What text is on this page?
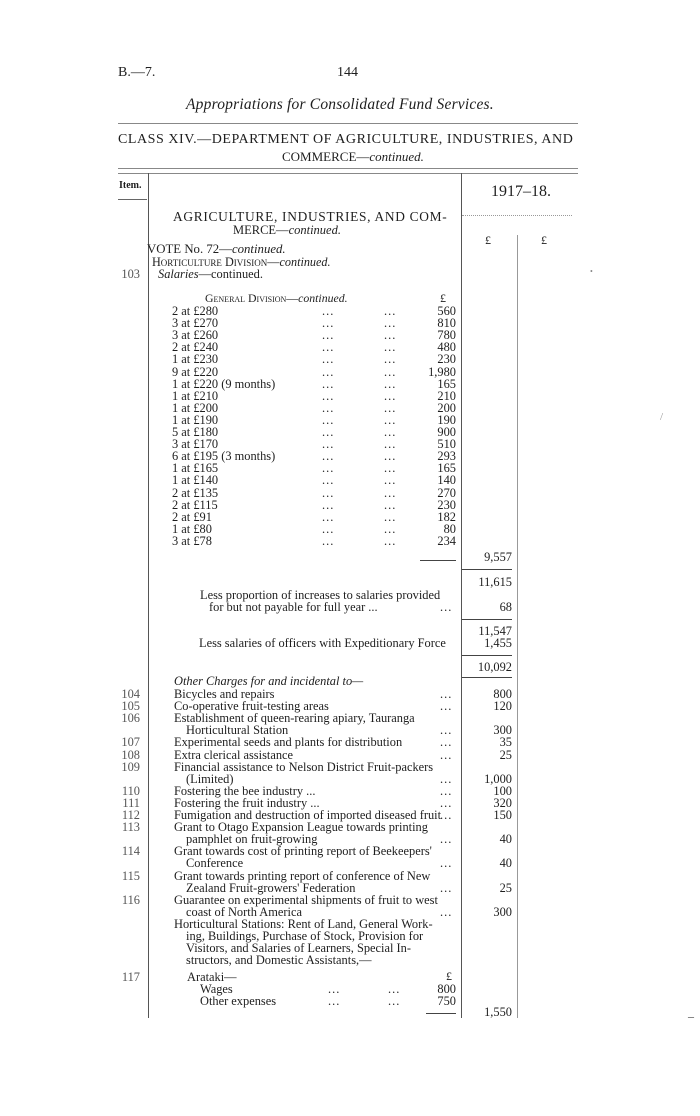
B.—7.	144
Appropriations for Consolidated Fund Services.
CLASS XIV.—DEPARTMENT OF AGRICULTURE, INDUSTRIES, AND
COMMERCE—continued.
Item.	1917–18.
£	£
AGRICULTURE, INDUSTRIES, AND COM-
MERCE—continued.
VOTE No. 72—continued.
Horticulture Division—continued.
103 Salaries—continued.
General Division—continued.	£
2 at £280	...	...	560
3 at £270	...	...	810
3 at £260	...	...	780
2 at £240	...	...	480
1 at £230	...	...	230
9 at £220	...	...	1,980
1 at £220 (9 months)	...	...	165
1 at £210	...	...	210
1 at £200	...	...	200
1 at £190	...	...	190
5 at £180	...	...	900
3 at £170	...	...	510
6 at £195 (3 months)	...	...	293
1 at £165	...	...	165
1 at £140	...	...	140
2 at £135	...	...	270
2 at £115	...	...	230
2 at £91	...	...	182
1 at £80	...	...	80
3 at £78	...	...	234
9,557
11,615
Less proportion of increases to salaries provided
for but not payable for full year ...	...	68
11,547
Less salaries of officers with Expeditionary Force	1,455
10,092
Other Charges for and incidental to—
104	Bicycles and repairs	...	800
105	Co-operative fruit-testing areas	...	120
106	Establishment of queen-rearing apiary, Tauranga
Horticultural Station	...	300
107	Experimental seeds and plants for distribution	...	35
108	Extra clerical assistance	...	25
109	Financial assistance to Nelson District Fruit-packers
(Limited)	...	1,000
110	Fostering the bee industry ...	...	100
111	Fostering the fruit industry ...	...	320
112	Fumigation and destruction of imported diseased fruit
...	150
113	Grant to Otago Expansion League towards printing
pamphlet on fruit-growing	...	40
114	Grant towards cost of printing report of Beekeepers'
Conference	...	40
115	Grant towards printing report of conference of New
Zealand Fruit-growers' Federation	...	25
116	Guarantee on experimental shipments of fruit to west
coast of North America	...	300
Horticultural Stations: Rent of Land, General Work-
ing, Buildings, Purchase of Stock, Provision for
Visitors, and Salaries of Learners, Special In-
structors, and Domestic Assistants,—
117	Arataki—	£
Wages	...	...	800
Other expenses	...	...	750
1,550
•
/
‒
